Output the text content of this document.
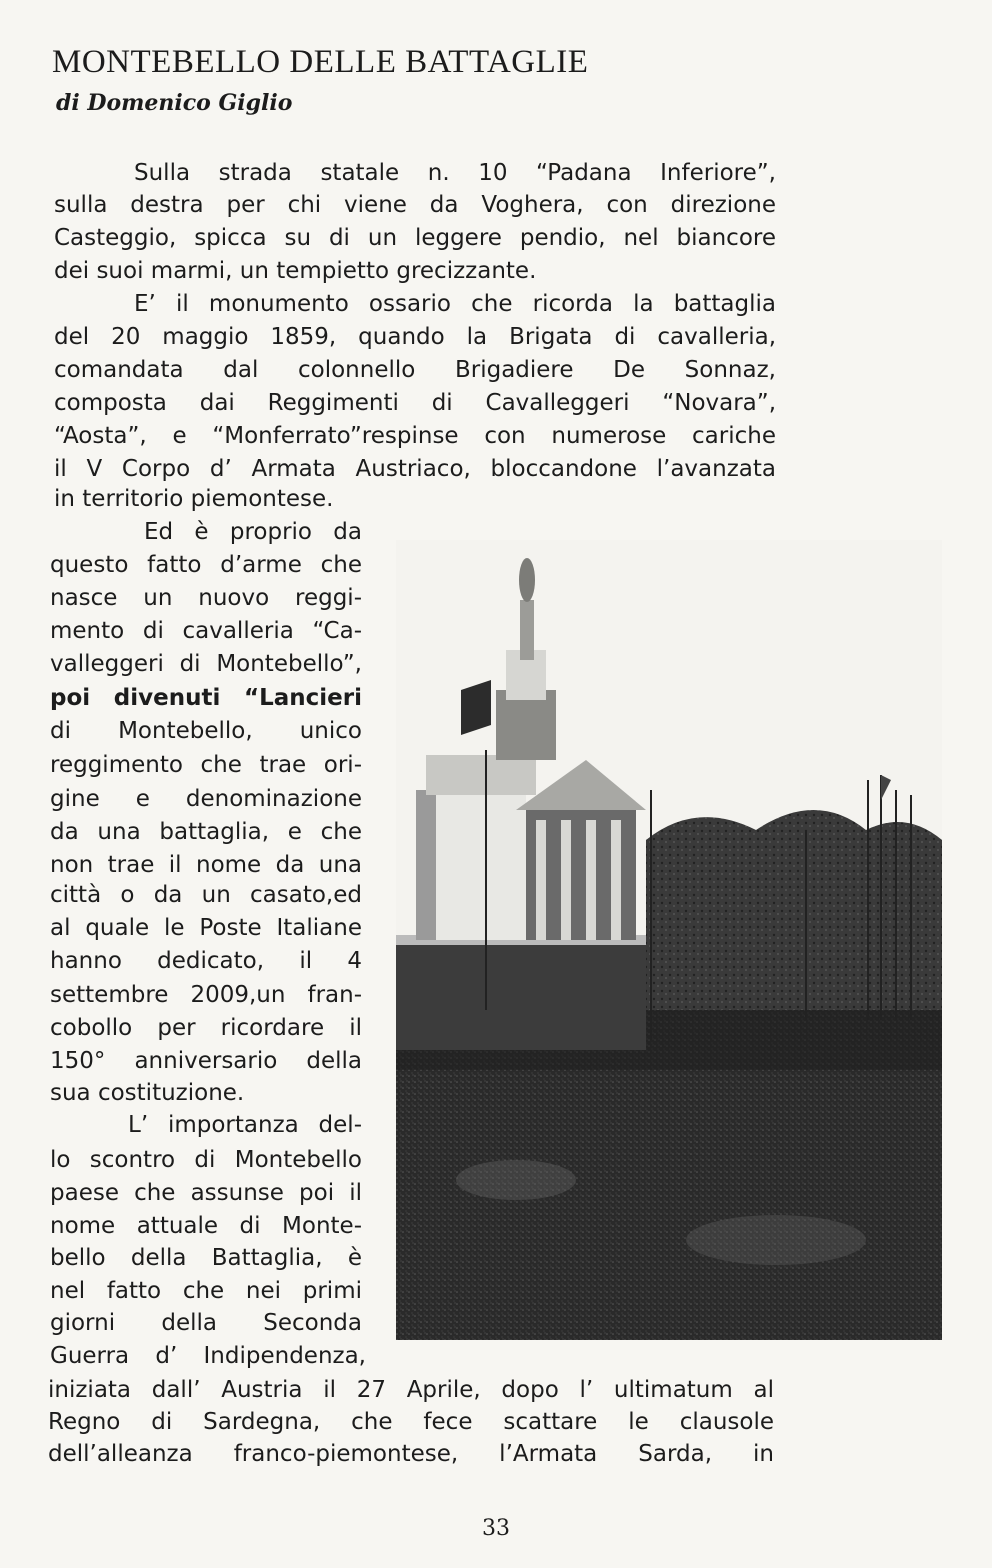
MONTEBELLO DELLE BATTAGLIE
di Domenico Giglio
Sulla strada statale n. 10 “Padana Inferiore”,
sulla destra per chi viene da Voghera, con direzione
Casteggio, spicca su di un leggere pendio, nel biancore
dei suoi marmi, un tempietto grecizzante.
E’ il monumento ossario che ricorda la battaglia
del 20 maggio 1859, quando la Brigata di cavalleria,
comandata dal colonnello Brigadiere De Sonnaz,
composta dai Reggimenti di Cavalleggeri “Novara”,
“Aosta”, e “Monferrato”respinse con numerose cariche
il V Corpo d’ Armata Austriaco, bloccandone l’avanzata
in territorio piemontese.
Ed è proprio da
questo fatto d’arme che
nasce un nuovo reggi-
mento di cavalleria “Ca-
valleggeri di Montebello”,
poi divenuti “Lancieri
di Montebello, unico
reggimento che trae ori-
gine e denominazione
da una battaglia, e che
non trae il nome da una
città o da un casato,ed
al quale le Poste Italiane
hanno dedicato, il 4
settembre 2009,un fran-
cobollo per ricordare il
150° anniversario della
sua costituzione.
L’ importanza del-
lo scontro di Montebello
paese che assunse poi il
nome attuale di Monte-
bello della Battaglia, è
nel fatto che nei primi
giorni della Seconda
Guerra d’ Indipendenza,
iniziata dall’ Austria il 27 Aprile, dopo l’ ultimatum al
Regno di Sardegna, che fece scattare le clausole
dell’alleanza franco-piemontese, l’Armata Sarda, in
33
